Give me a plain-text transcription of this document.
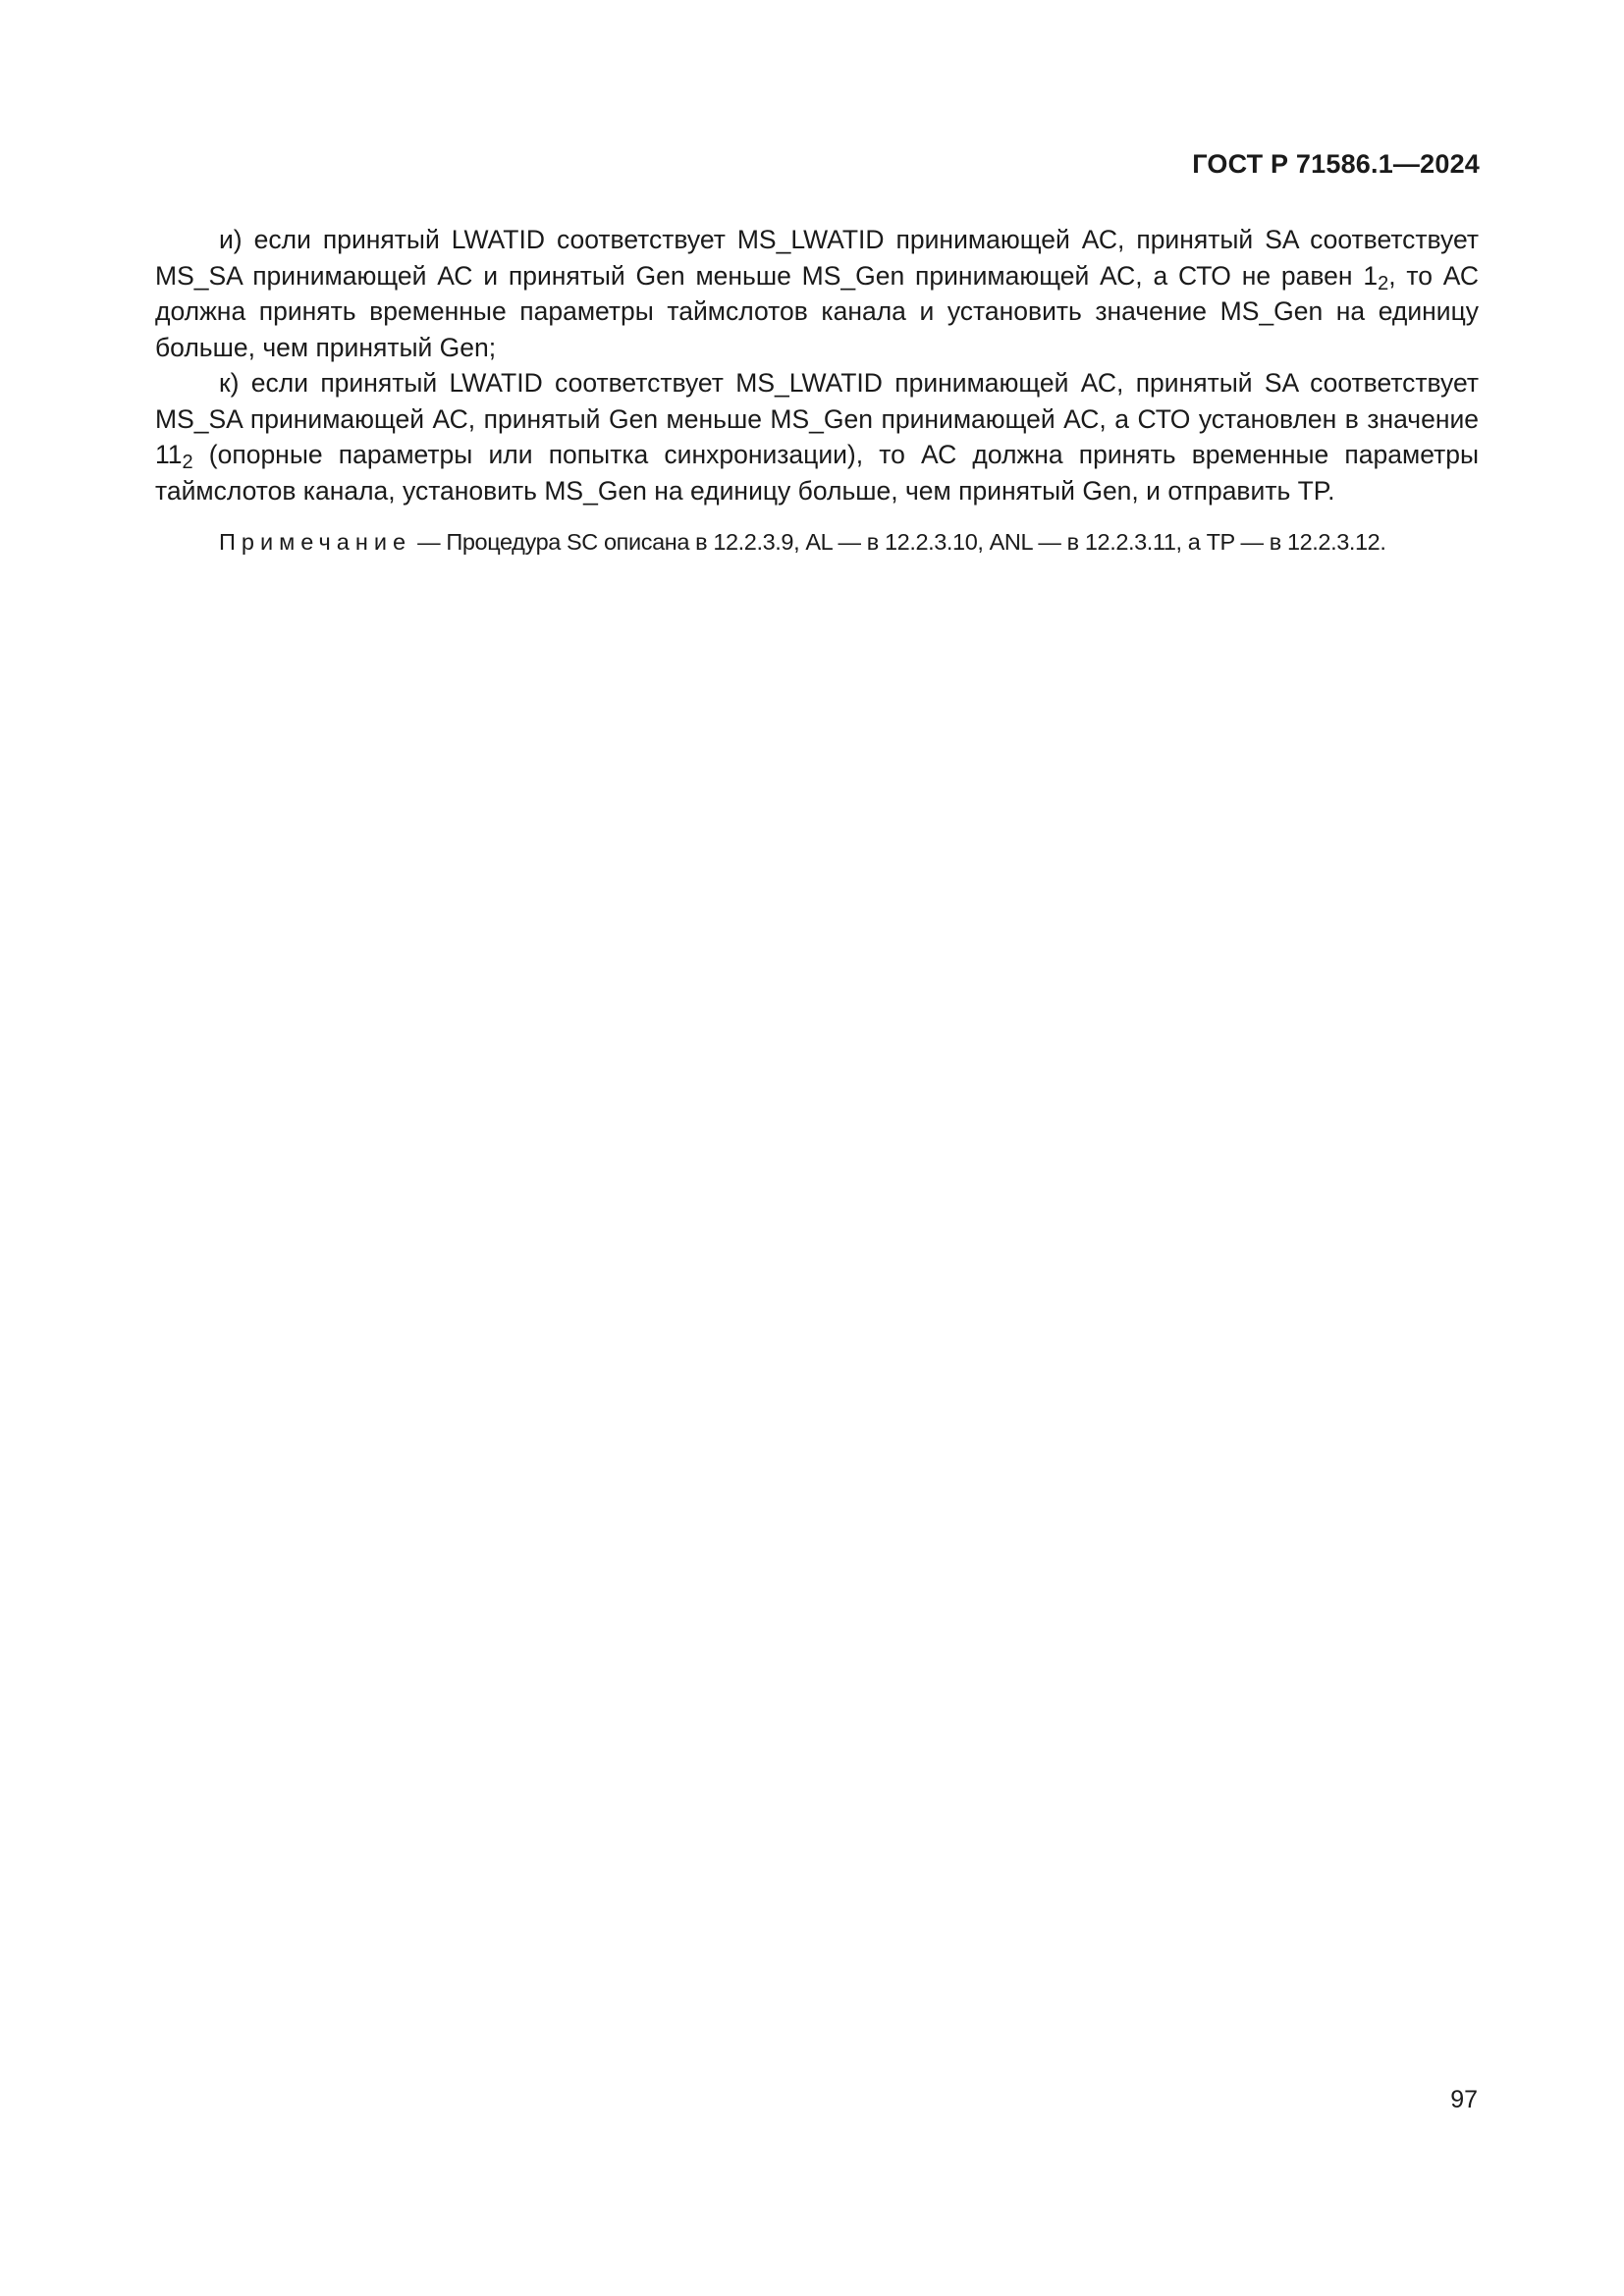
ГОСТ Р 71586.1—2024

и) если принятый LWATID соответствует MS_LWATID принимающей АС, принятый SA соответствует MS_SA принимающей АС и принятый Gen меньше MS_Gen принимающей АС, а СТО не равен $1_2$, то АС должна принять временные параметры таймслотов канала и установить значение MS_Gen на единицу больше, чем принятый Gen;

к) если принятый LWATID соответствует MS_LWATID принимающей АС, принятый SA соответствует MS_SA принимающей АС, принятый Gen меньше MS_Gen принимающей АС, а СТО установлен в значение $11_2$ (опорные параметры или попытка синхронизации), то АС должна принять временные параметры таймслотов канала, установить MS_Gen на единицу больше, чем принятый Gen, и отправить TP.

Примечание — Процедура SC описана в 12.2.3.9, AL — в 12.2.3.10, ANL — в 12.2.3.11, а TP — в 12.2.3.12.

97
